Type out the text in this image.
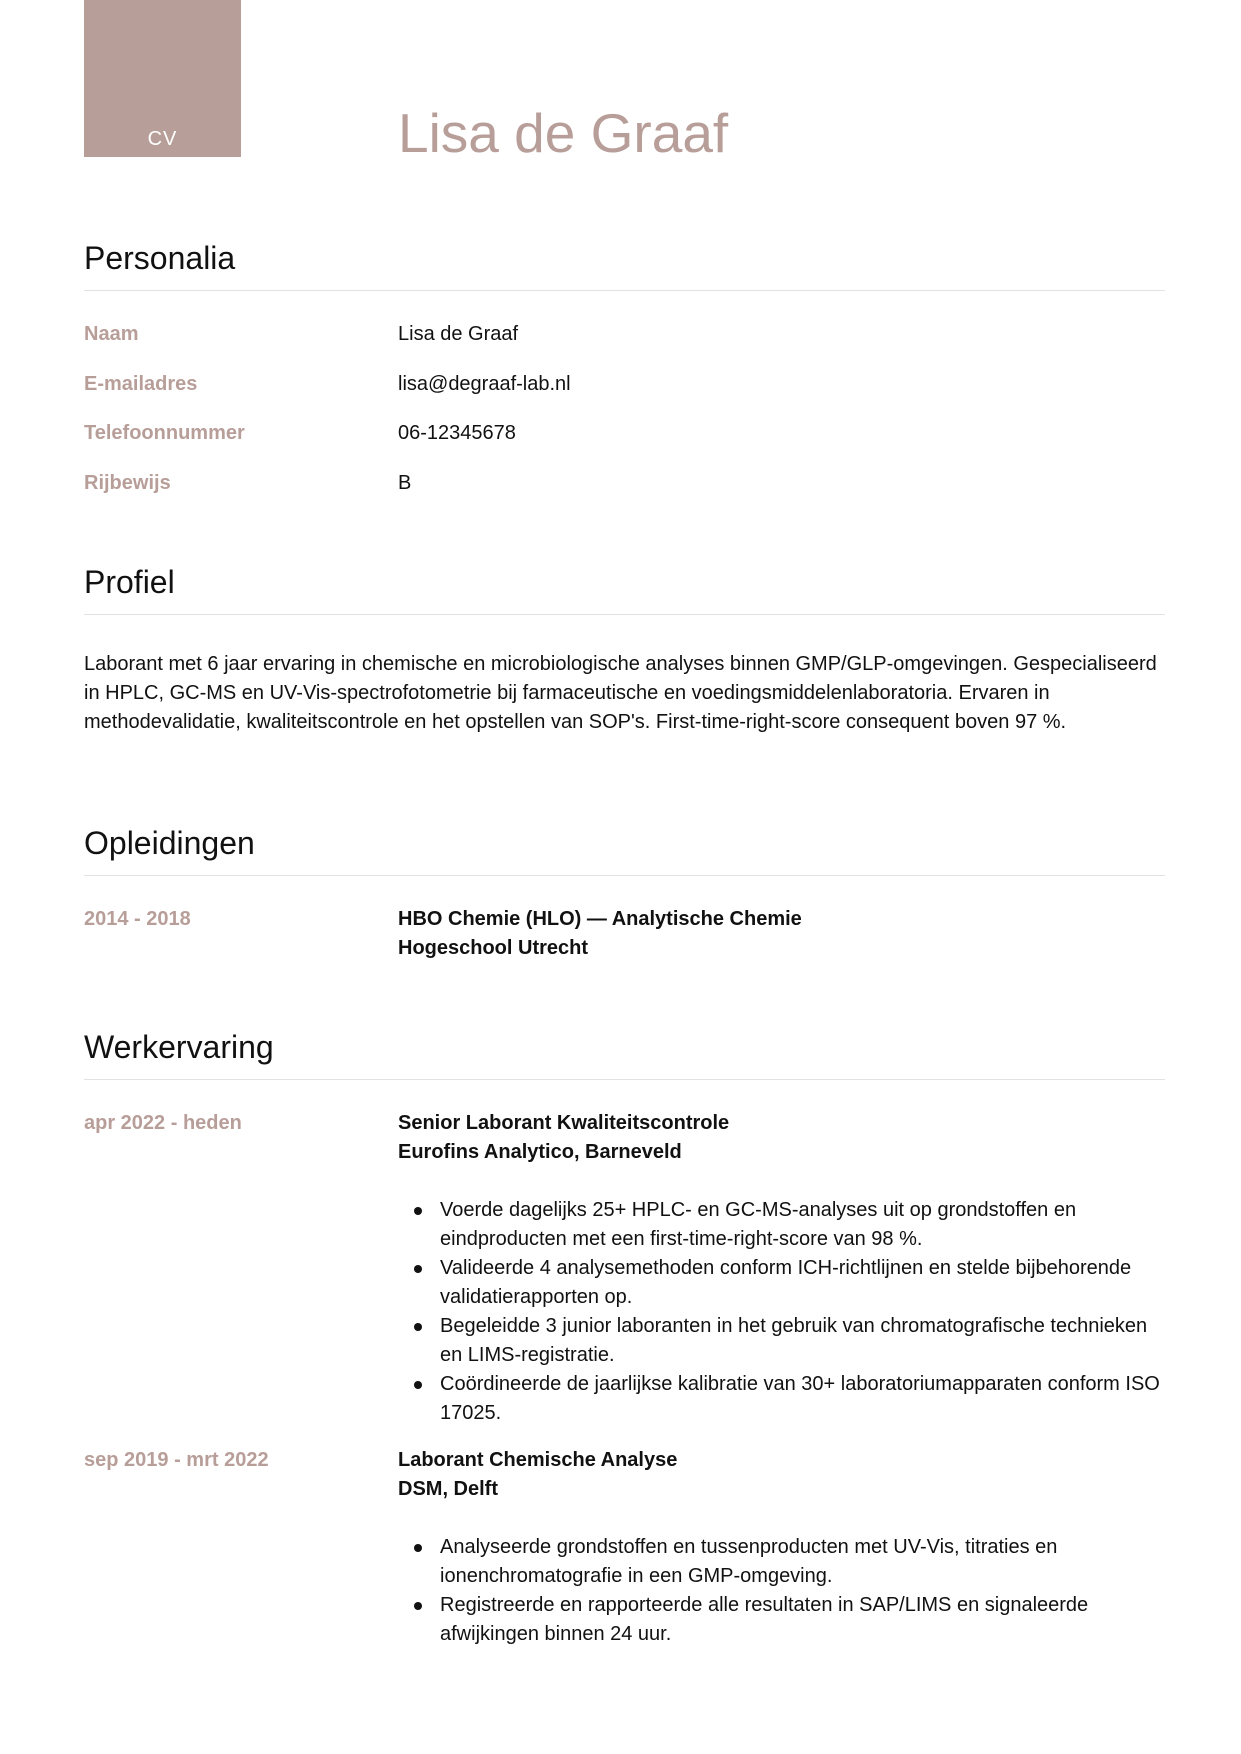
CV	Lisa de Graaf
Personalia
Naam	Lisa de Graaf
E-mailadres	lisa@degraaf-lab.nl
Telefoonnummer	06-12345678
Rijbewijs	B
Profiel

Laborant met 6 jaar ervaring in chemische en microbiologische analyses binnen GMP/GLP-omgevingen. Gespecialiseerd in HPLC, GC-MS en UV-Vis-spectrofotometrie bij farmaceutische en voedingsmiddelenlaboratoria. Ervaren in methodevalidatie, kwaliteitscontrole en het opstellen van SOP's. First-time-right-score consequent boven 97 %.

Opleidingen
2014 - 2018	HBO Chemie (HLO) — Analytische Chemie
Hogeschool Utrecht
Werkervaring
apr 2022 - heden	Senior Laborant Kwaliteitscontrole
Eurofins Analytico, Barneveld
Voerde dagelijks 25+ HPLC- en GC-MS-analyses uit op grondstoffen en eindproducten met een first-time-right-score van 98 %.
Valideerde 4 analysemethoden conform ICH-richtlijnen en stelde bijbehorende validatierapporten op.
Begeleidde 3 junior laboranten in het gebruik van chromatografische technieken en LIMS-registratie.
Coördineerde de jaarlijkse kalibratie van 30+ laboratoriumapparaten conform ISO 17025.
sep 2019 - mrt 2022	Laborant Chemische Analyse
DSM, Delft
Analyseerde grondstoffen en tussenproducten met UV-Vis, titraties en ionenchromatografie in een GMP-omgeving.
Registreerde en rapporteerde alle resultaten in SAP/LIMS en signaleerde afwijkingen binnen 24 uur.
